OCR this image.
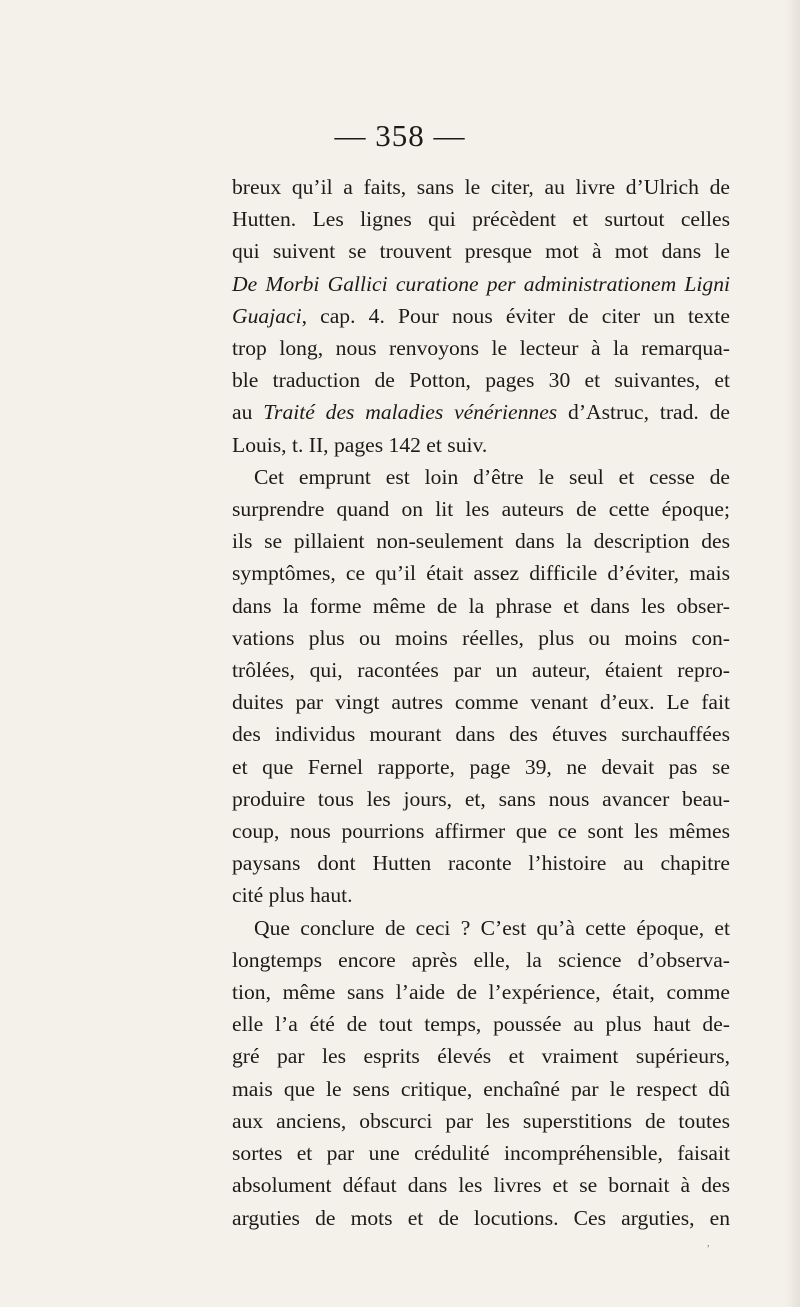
— 358 —
breux qu’il a faits, sans le citer, au livre d’Ulrich de
Hutten. Les lignes qui précèdent et surtout celles
qui suivent se trouvent presque mot à mot dans le
De Morbi Gallici curatione per administrationem Ligni
Guajaci, cap. 4. Pour nous éviter de citer un texte
trop long, nous renvoyons le lecteur à la remarqua-
ble traduction de Potton, pages 30 et suivantes, et
au Traité des maladies vénériennes d’Astruc, trad. de
Louis, t. II, pages 142 et suiv.
Cet emprunt est loin d’être le seul et cesse de
surprendre quand on lit les auteurs de cette époque;
ils se pillaient non-seulement dans la description des
symptômes, ce qu’il était assez difficile d’éviter, mais
dans la forme même de la phrase et dans les obser-
vations plus ou moins réelles, plus ou moins con-
trôlées, qui, racontées par un auteur, étaient repro-
duites par vingt autres comme venant d’eux. Le fait
des individus mourant dans des étuves surchauffées
et que Fernel rapporte, page 39, ne devait pas se
produire tous les jours, et, sans nous avancer beau-
coup, nous pourrions affirmer que ce sont les mêmes
paysans dont Hutten raconte l’histoire au chapitre
cité plus haut.
Que conclure de ceci ? C’est qu’à cette époque, et
longtemps encore après elle, la science d’observa-
tion, même sans l’aide de l’expérience, était, comme
elle l’a été de tout temps, poussée au plus haut de-
gré par les esprits élevés et vraiment supérieurs,
mais que le sens critique, enchaîné par le respect dû
aux anciens, obscurci par les superstitions de toutes
sortes et par une crédulité incompréhensible, faisait
absolument défaut dans les livres et se bornait à des
arguties de mots et de locutions. Ces arguties, en
,
